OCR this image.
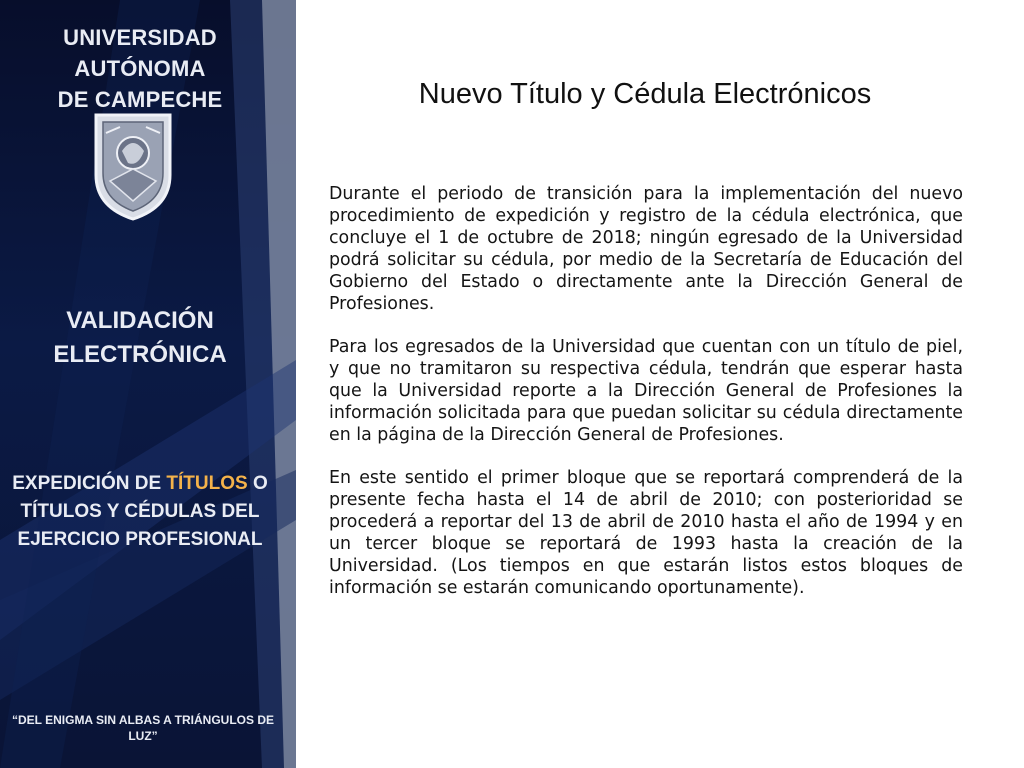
UNIVERSIDAD AUTÓNOMA
DE CAMPECHE
VALIDACIÓN
ELECTRÓNICA
EXPEDICIÓN DE TÍTULOS O
TÍTULOS Y CÉDULAS DEL
EJERCICIO PROFESIONAL
“DEL ENIGMA SIN ALBAS A TRIÁNGULOS DE LUZ”
Nuevo Título y Cédula Electrónicos

Durante el periodo de transición para la implementación del nuevo procedimiento de expedición y registro de la cédula electrónica, que concluye el 1 de octubre de 2018; ningún egresado de la Universidad podrá solicitar su cédula, por medio de la Secretaría de Educación del Gobierno del Estado o directamente ante la Dirección General de Profesiones.

Para los egresados de la Universidad que cuentan con un título de piel, y que no tramitaron su respectiva cédula, tendrán que esperar hasta que la Universidad reporte a la Dirección General de Profesiones la información solicitada para que puedan solicitar su cédula directamente en la página de la Dirección General de Profesiones.

En este sentido el primer bloque que se reportará comprenderá de la presente fecha hasta el 14 de abril de 2010; con posterioridad se procederá a reportar del 13 de abril de 2010 hasta el año de 1994 y en un tercer bloque se reportará de 1993 hasta la creación de la Universidad. (Los tiempos en que estarán listos estos bloques de información se estarán comunicando oportunamente).
